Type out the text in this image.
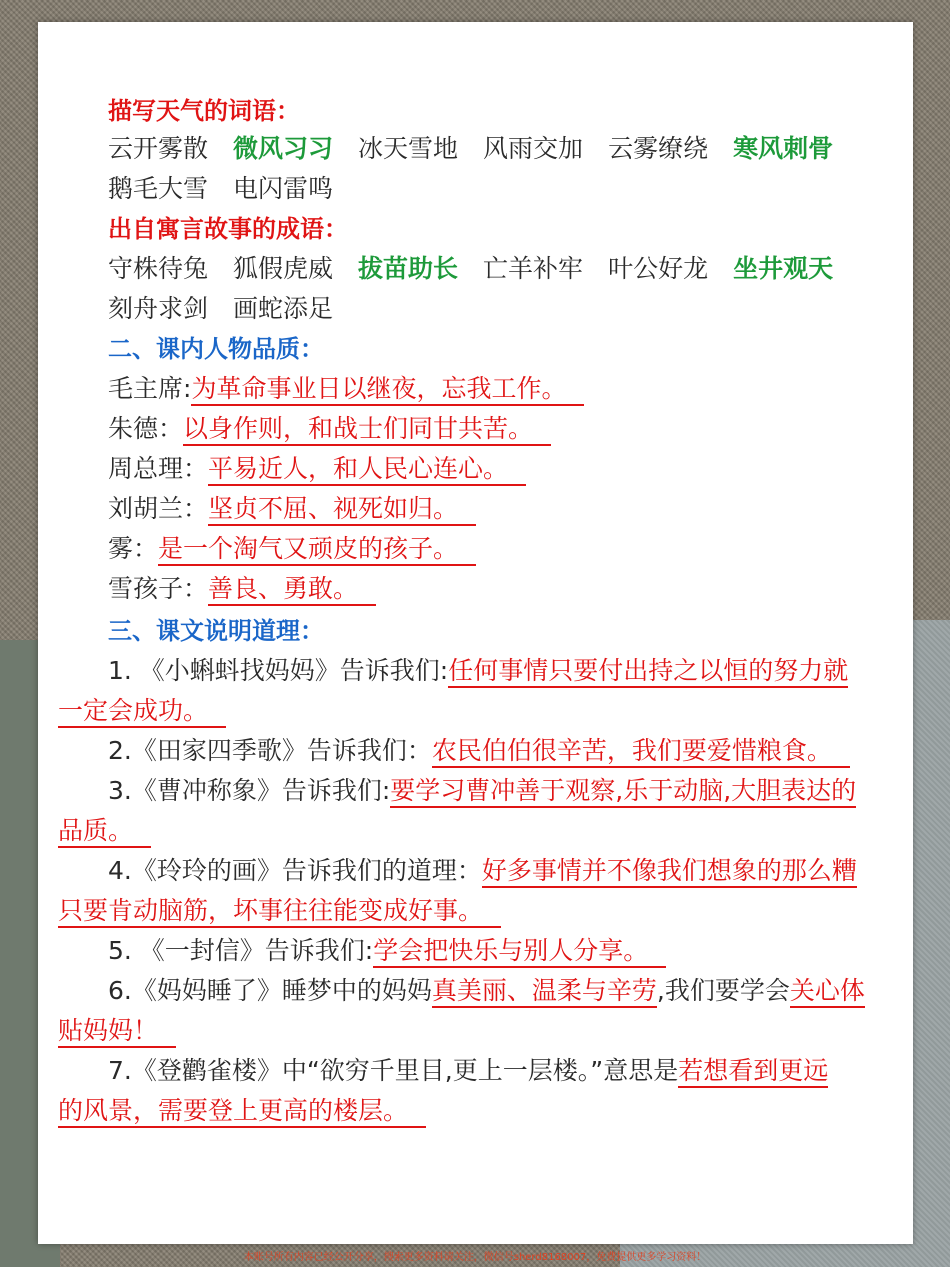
描写天气的词语：
云开雾散 微风习习 冰天雪地 风雨交加 云雾缭绕 寒风刺骨
鹅毛大雪 电闪雷鸣
出自寓言故事的成语：
守株待兔 狐假虎威 拔苗助长 亡羊补牢 叶公好龙 坐井观天
刻舟求剑 画蛇添足
二、课内人物品质：
毛主席:为革命事业日以继夜，忘我工作。
朱德：以身作则，和战士们同甘共苦。
周总理：平易近人，和人民心连心。
刘胡兰：坚贞不屈、视死如归。
雾：是一个淘气又顽皮的孩子。
雪孩子：善良、勇敢。
三、课文说明道理：
1. 《小蝌蚪找妈妈》告诉我们:任何事情只要付出持之以恒的努力就
一定会成功。
2.《田家四季歌》告诉我们：农民伯伯很辛苦，我们要爱惜粮食。
3.《曹冲称象》告诉我们:要学习曹冲善于观察,乐于动脑,大胆表达的
品质。
4.《玲玲的画》告诉我们的道理：好多事情并不像我们想象的那么糟
只要肯动脑筋，坏事往往能变成好事。
5. 《一封信》告诉我们:学会把快乐与别人分享。
6.《妈妈睡了》睡梦中的妈妈真美丽、温柔与辛劳,我们要学会关心体
贴妈妈！
7.《登鹳雀楼》中“欲穷千里目,更上一层楼。”意思是若想看到更远
的风景，需要登上更高的楼层。
本账号所有内容已经公开分享，搜索更多资料请关注，微信号sherd8168007，免费提供更多学习资料！
